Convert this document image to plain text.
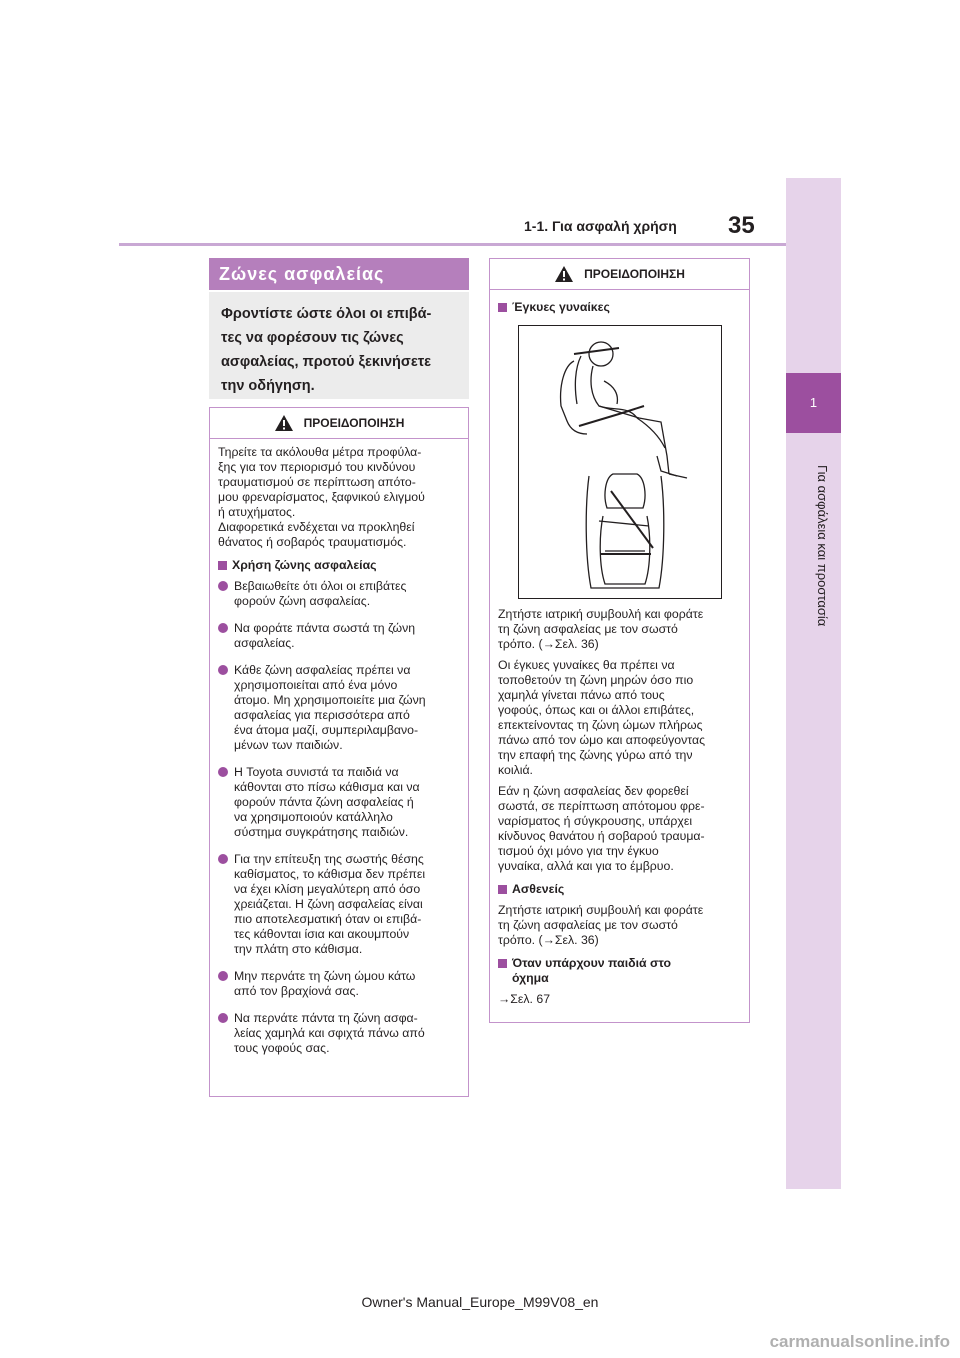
1-1. Για ασφαλή χρήση 35
1
Για ασφάλεια και προστασία
Ζώνες ασφαλείας
Φροντίστε ώστε όλοι οι επιβά-
τες να φορέσουν τις ζώνες
ασφαλείας, προτού ξεκινήσετε
την οδήγηση.
ΠΡΟΕΙΔΟΠΟΙΗΣΗ
Τηρείτε τα ακόλουθα μέτρα προφύλα-
ξης για τον περιορισμό του κινδύνου
τραυματισμού σε περίπτωση απότο-
μου φρεναρίσματος, ξαφνικού ελιγμού
ή ατυχήματος.
Διαφορετικά ενδέχεται να προκληθεί
θάνατος ή σοβαρός τραυματισμός.
Χρήση ζώνης ασφαλείας
Βεβαιωθείτε ότι όλοι οι επιβάτες
φορούν ζώνη ασφαλείας.
Να φοράτε πάντα σωστά τη ζώνη
ασφαλείας.
Κάθε ζώνη ασφαλείας πρέπει να
χρησιμοποιείται από ένα μόνο
άτομο. Μη χρησιμοποιείτε μια ζώνη
ασφαλείας για περισσότερα από
ένα άτομα μαζί, συμπεριλαμβανο-
μένων των παιδιών.
Η Toyota συνιστά τα παιδιά να
κάθονται στο πίσω κάθισμα και να
φορούν πάντα ζώνη ασφαλείας ή
να χρησιμοποιούν κατάλληλο
σύστημα συγκράτησης παιδιών.
Για την επίτευξη της σωστής θέσης
καθίσματος, το κάθισμα δεν πρέπει
να έχει κλίση μεγαλύτερη από όσο
χρειάζεται. Η ζώνη ασφαλείας είναι
πιο αποτελεσματική όταν οι επιβά-
τες κάθονται ίσια και ακουμπούν
την πλάτη στο κάθισμα.
Μην περνάτε τη ζώνη ώμου κάτω
από τον βραχίονά σας.
Να περνάτε πάντα τη ζώνη ασφα-
λείας χαμηλά και σφιχτά πάνω από
τους γοφούς σας.
ΠΡΟΕΙΔΟΠΟΙΗΣΗ
Έγκυες γυναίκες
Ζητήστε ιατρική συμβουλή και φοράτε
τη ζώνη ασφαλείας με τον σωστό
τρόπο. (→Σελ. 36)
Οι έγκυες γυναίκες θα πρέπει να
τοποθετούν τη ζώνη μηρών όσο πιο
χαμηλά γίνεται πάνω από τους
γοφούς, όπως και οι άλλοι επιβάτες,
επεκτείνοντας τη ζώνη ώμων πλήρως
πάνω από τον ώμο και αποφεύγοντας
την επαφή της ζώνης γύρω από την
κοιλιά.
Εάν η ζώνη ασφαλείας δεν φορεθεί
σωστά, σε περίπτωση απότομου φρε-
ναρίσματος ή σύγκρουσης, υπάρχει
κίνδυνος θανάτου ή σοβαρού τραυμα-
τισμού όχι μόνο για την έγκυο
γυναίκα, αλλά και για το έμβρυο.
Ασθενείς
Ζητήστε ιατρική συμβουλή και φοράτε
τη ζώνη ασφαλείας με τον σωστό
τρόπο. (→Σελ. 36)
Όταν υπάρχουν παιδιά στο
όχημα
→Σελ. 67
Owner's Manual_Europe_M99V08_en
carmanualsonline.info
